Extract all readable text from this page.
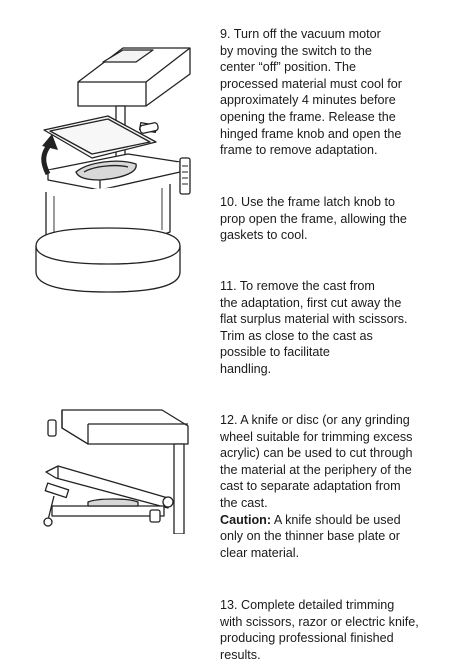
9. Turn off the vacuum motor

by moving the switch to the

center “off” position. The

processed material must cool for

approximately 4 minutes before

opening the frame. Release the

hinged frame knob and open the

frame to remove adaptation.

10. Use the frame latch knob to

prop open the frame, allowing the

gaskets to cool.

11. To remove the cast from

the adaptation, first cut away the

flat surplus material with scissors.

Trim as close to the cast as

possible to facilitate

handling.

12. A knife or disc (or any grinding

wheel suitable for trimming excess

acrylic) can be used to cut through

the material at the periphery of the

cast to separate adaptation from

the cast.

Caution: A knife should be used

only on the thinner base plate or

clear material.

13. Complete detailed trimming

with scissors, razor or electric knife,

producing professional finished

results.
